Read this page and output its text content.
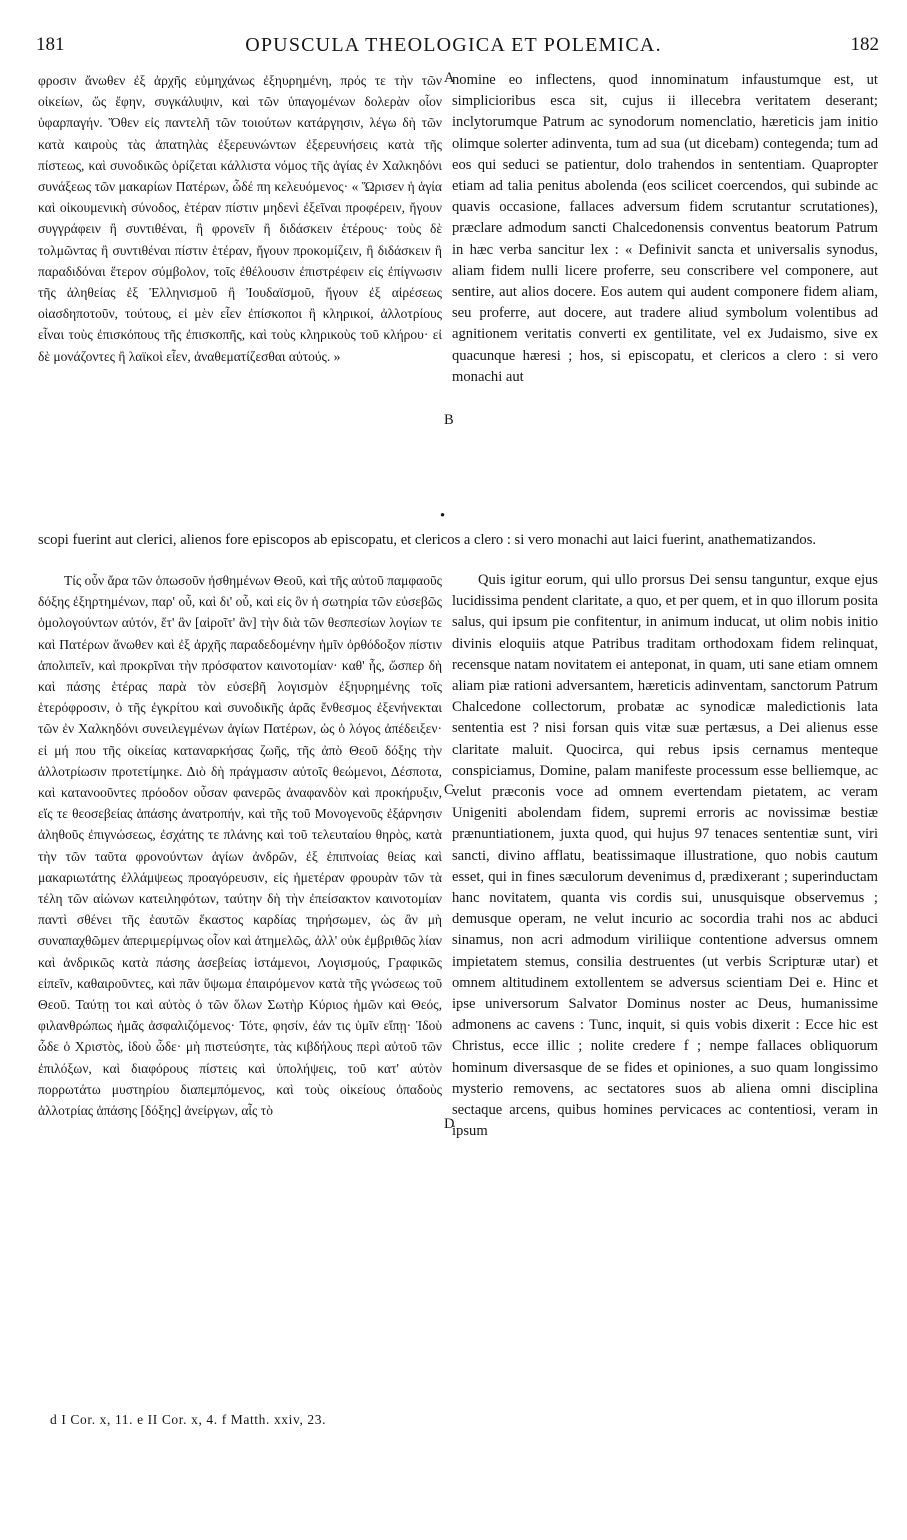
181	OPUSCULA THEOLOGICA ET POLEMICA.	182

φροσιν ἄνωθεν ἐξ ἀρχῆς εὐμηχάνως ἐξηυρημένη, πρός τε τὴν τῶν οἰκείων, ὥς ἔφην, συγκάλυψιν, καὶ τῶν ὑπαγομένων δολερὰν οἷον ὑφαρπαγήν. Ὅθεν εἰς παντελῆ τῶν τοιούτων κατάργησιν, λέγω δὴ τῶν κατὰ καιροὺς τὰς ἀπατηλὰς ἐξερευνώντων ἐξερευνήσεις κατὰ τῆς πίστεως, καὶ συνοδικῶς ὁρίζεται κάλλιστα νόμος τῆς ἁγίας ἐν Χαλκηδόνι συνάξεως τῶν μακαρίων Πατέρων, ὧδέ πη κελευόμενος· « Ὥρισεν ἡ ἁγία καὶ οἰκουμενικὴ σύνοδος, ἑτέραν πίστιν μηδενὶ ἐξεῖναι προφέρειν, ἤγουν συγγράφειν ἢ συντιθέναι, ἢ φρονεῖν ἢ διδάσκειν ἑτέρους· τοὺς δὲ τολμῶντας ἢ συντιθέναι πίστιν ἑτέραν, ἤγουν προκομίζειν, ἢ διδάσκειν ἢ παραδιδόναι ἕτερον σύμβολον, τοῖς ἐθέλουσιν ἐπιστρέφειν εἰς ἐπίγνωσιν τῆς ἀληθείας ἐξ Ἑλληνισμοῦ ἢ Ἰουδαϊσμοῦ, ἤγουν ἐξ αἱρέσεως οἱασδηποτοῦν, τούτους, εἰ μὲν εἶεν ἐπίσκοποι ἢ κληρικοί, ἀλλοτρίους εἶναι τοὺς ἐπισκόπους τῆς ἐπισκοπῆς, καὶ τοὺς κληρικοὺς τοῦ κλήρου· εἰ δὲ μονάζοντες ἢ λαϊκοὶ εἶεν, ἀναθεματίζεσθαι αὐτούς. »

nomine eo inflectens, quod innominatum infaustumque est, ut simplicioribus esca sit, cujus ii illecebra veritatem deserant; inclytorumque Patrum ac synodorum nomenclatio, hæreticis jam initio olimque solerter adinventa, tum ad sua (ut dicebam) contegenda; tum ad eos qui seduci se patientur, dolo trahendos in sententiam. Quapropter etiam ad talia penitus abolenda (eos scilicet coercendos, qui subinde ac quavis occasione, fallaces adversum fidem scrutantur scrutationes), præclare admodum sancti Chalcedonensis conventus beatorum Patrum in hæc verba sancitur lex : « Definivit sancta et universalis synodus, aliam fidem nulli licere proferre, seu conscribere vel componere, aut sentire, aut alios docere. Eos autem qui audent componere fidem aliam, seu proferre, aut docere, aut tradere aliud symbolum volentibus ad agnitionem veritatis converti ex gentilitate, vel ex Judaismo, sive ex quacunque hæresi ; hos, si episcopatu, et clericos a clero : si vero monachi aut

scopi fuerint aut clerici, alienos fore episcopos ab episcopatu, et clericos a clero : si vero monachi aut laici fuerint, anathematizandos.

Τίς οὖν ἄρα τῶν ὁπωσοῦν ἠσθημένων Θεοῦ, καὶ τῆς αὐτοῦ παμφαοῦς δόξης ἐξηρτημένων, παρ' οὗ, καὶ δι' οὗ, καὶ εἰς ὃν ἡ σωτηρία τῶν εὐσεβῶς ὁμολογούντων αὐτόν, ἔτ' ἂν [αἱροῖτ' ἂν] τὴν διὰ τῶν θεσπεσίων λογίων τε καὶ Πατέρων ἄνωθεν καὶ ἐξ ἀρχῆς παραδεδομένην ἡμῖν ὀρθόδοξον πίστιν ἀπολιπεῖν, καὶ προκρῖναι τὴν πρόσφατον καινοτομίαν· καθ' ἧς, ὥσπερ δὴ καὶ πάσης ἑτέρας παρὰ τὸν εὐσεβῆ λογισμὸν ἐξηυρημένης τοῖς ἑτερόφροσιν, ὁ τῆς ἐγκρίτου καὶ συνοδικῆς ἀρᾶς ἔνθεσμος ἐξενήνεκται τῶν ἐν Χαλκηδόνι συνειλεγμένων ἁγίων Πατέρων, ὡς ὁ λόγος ἀπέδειξεν· εἰ μή που τῆς οἰκείας καταναρκήσας ζωῆς, τῆς ἀπὸ Θεοῦ δόξης τὴν ἀλλοτρίωσιν προτετίμηκε. Διὸ δὴ πράγμασιν αὐτοῖς θεώμενοι, Δέσποτα, καὶ κατανοοῦντες πρόοδον οὖσαν φανερῶς ἀναφανδὸν καὶ προκήρυξιν, εἴς τε θεοσεβείας ἁπάσης ἀνατροπήν, καὶ τῆς τοῦ Μονογενοῦς ἐξάρνησιν ἀληθοῦς ἐπιγνώσεως, ἐσχάτης τε πλάνης καὶ τοῦ τελευταίου θηρὸς, κατὰ τὴν τῶν ταῦτα φρονούντων ἁγίων ἀνδρῶν, ἐξ ἐπιπνοίας θείας καὶ μακαριωτάτης ἐλλάμψεως προαγόρευσιν, εἰς ἡμετέραν φρουρὰν τῶν τὰ τέλη τῶν αἰώνων κατειληφότων, ταύτην δὴ τὴν ἐπείσακτον καινοτομίαν παντὶ σθένει τῆς ἑαυτῶν ἕκαστος καρδίας τηρήσωμεν, ὡς ἂν μὴ συναπαχθῶμεν ἀπεριμερίμνως οἷον καὶ ἀτημελῶς, ἀλλ' οὐκ ἐμβριθῶς λίαν καὶ ἀνδρικῶς κατὰ πάσης ἀσεβείας ἱστάμενοι, Λογισμούς, Γραφικῶς εἰπεῖν, καθαιροῦντες, καὶ πᾶν ὕψωμα ἐπαιρόμενον κατὰ τῆς γνώσεως τοῦ Θεοῦ. Ταύτῃ τοι καὶ αὐτὸς ὁ τῶν ὅλων Σωτὴρ Κύριος ἡμῶν καὶ Θεός, φιλανθρώπως ἡμᾶς ἀσφαλιζόμενος· Τότε, φησίν, ἐάν τις ὑμῖν εἴπῃ· Ἰδοὺ ὧδε ὁ Χριστὸς, ἰδοὺ ὧδε· μὴ πιστεύσητε, τὰς κιβδήλους περὶ αὐτοῦ τῶν ἐπιλόξων, καὶ διαφόρους πίστεις καὶ ὑπολήψεις, τοῦ κατ' αὐτὸν πορρωτάτω μυστηρίου διαπεμπόμενος, καὶ τοὺς οἰκείους ὀπαδοὺς ἀλλοτρίας ἁπάσης [δόξης] ἀνείργων, αἷς τὸ

Quis igitur eorum, qui ullo prorsus Dei sensu tanguntur, exque ejus lucidissima pendent claritate, a quo, et per quem, et in quo illorum posita salus, qui ipsum pie confitentur, in animum inducat, ut olim nobis initio divinis eloquiis atque Patribus traditam orthodoxam fidem relinquat, recensque natam novitatem ei anteponat, in quam, uti sane etiam omnem aliam piæ rationi adversantem, hæreticis adinventam, sanctorum Patrum Chalcedone collectorum, probatæ ac synodicæ maledictionis lata sententia est ? nisi forsan quis vitæ suæ pertæsus, a Dei alienus esse claritate maluit. Quocirca, qui rebus ipsis cernamus menteque conspiciamus, Domine, palam manifeste processum esse belliemque, ac velut præconis voce ad omnem evertendam pietatem, ac veram Unigeniti abolendam fidem, supremi erroris ac novissimæ bestiæ prænuntiationem, juxta quod, qui hujus 97 tenaces sententiæ sunt, viri sancti, divino afflatu, beatissimaque illustratione, quo nobis cautum esset, qui in fines sæculorum devenimus d, prædixerant ; superinductam hanc novitatem, quanta vis cordis sui, unusquisque observemus ; demusque operam, ne velut incurio ac socordia trahi nos ac abduci sinamus, non acri admodum viriliique contentione adversus omnem impietatem stemus, consilia destruentes (ut verbis Scripturæ utar) et omnem altitudinem extollentem se adversus scientiam Dei e. Hinc et ipse universorum Salvator Dominus noster ac Deus, humanissime admonens ac cavens : Tunc, inquit, si quis vobis dixerit : Ecce hic est Christus, ecce illic ; nolite credere f ; nempe fallaces obliquorum hominum diversasque de se fides et opiniones, a suo quam longissimo mysterio removens, ac sectatores suos ab aliena omni disciplina sectaque arcens, quibus homines pervicaces ac contentiosi, veram in ipsum

A
B
•
C
D
d I Cor. x, 11. e II Cor. x, 4. f Matth. xxiv, 23.
